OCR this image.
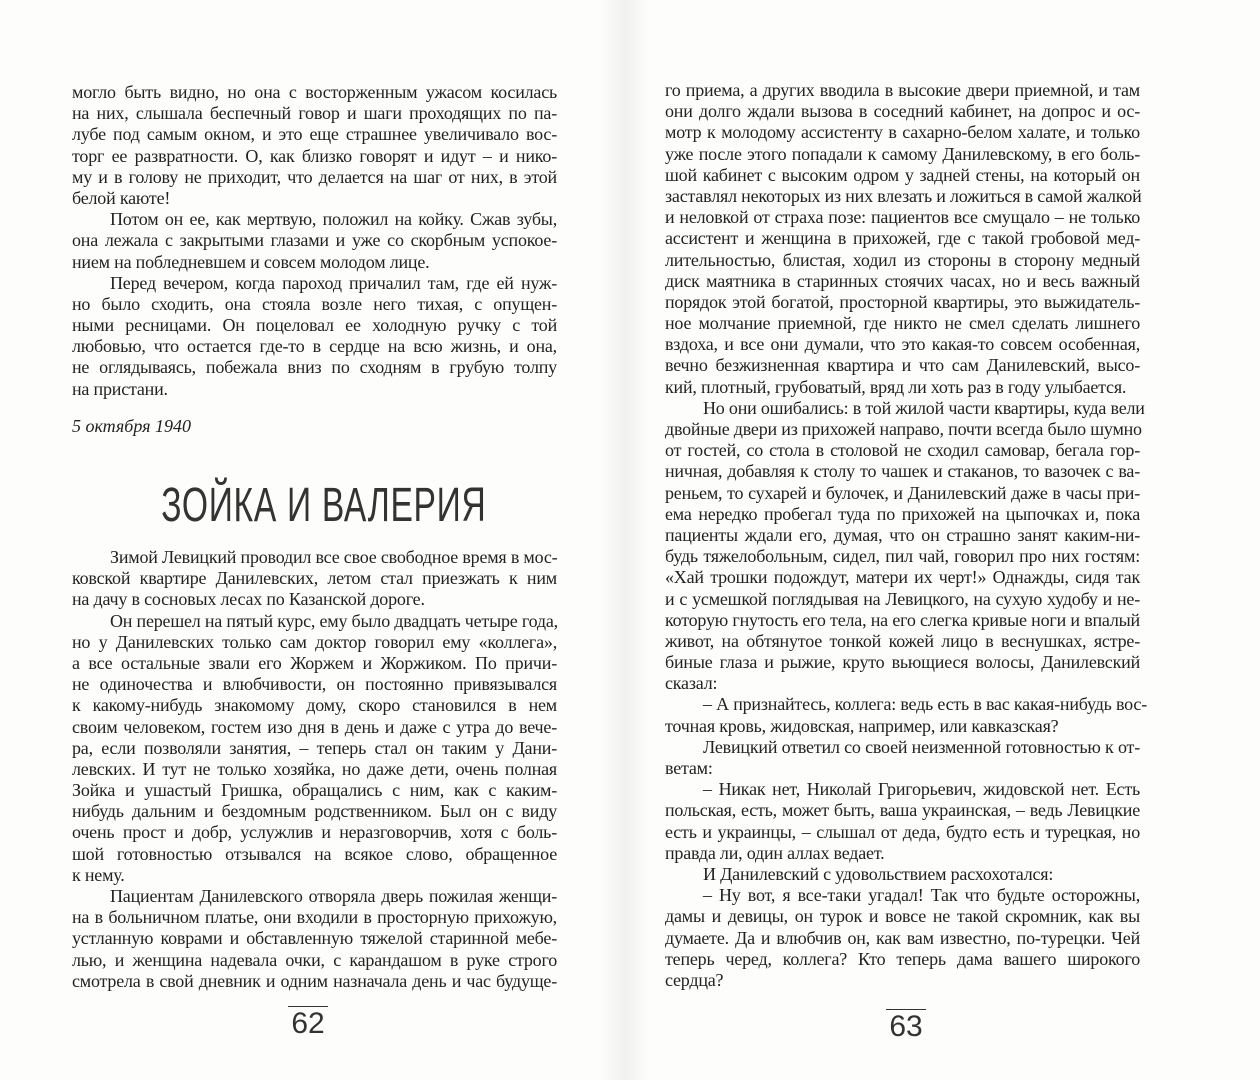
могло быть видно, но она с восторженным ужасом косилась
на них, слышала беспечный говор и шаги проходящих по па-
лубе под самым окном, и это еще страшнее увеличивало вос-
торг ее развратности. О, как близко говорят и идут – и нико-
му и в голову не приходит, что делается на шаг от них, в этой
белой каюте!
Потом он ее, как мертвую, положил на койку. Сжав зубы,
она лежала с закрытыми глазами и уже со скорбным успокое-
нием на побледневшем и совсем молодом лице.
Перед вечером, когда пароход причалил там, где ей нуж-
но было сходить, она стояла возле него тихая, с опущен-
ными ресницами. Он поцеловал ее холодную ручку с той
любовью, что остается где-то в сердце на всю жизнь, и она,
не оглядываясь, побежала вниз по сходням в грубую толпу
на пристани.
5 октября 1940
ЗОЙКА И ВАЛЕРИЯ
Зимой Левицкий проводил все свое свободное время в мос-
ковской квартире Данилевских, летом стал приезжать к ним
на дачу в сосновых лесах по Казанской дороге.
Он перешел на пятый курс, ему было двадцать четыре года,
но у Данилевских только сам доктор говорил ему «коллега»,
а все остальные звали его Жоржем и Жоржиком. По причи-
не одиночества и влюбчивости, он постоянно привязывался
к какому-нибудь знакомому дому, скоро становился в нем
своим человеком, гостем изо дня в день и даже с утра до вече-
ра, если позволяли занятия, – теперь стал он таким у Дани-
левских. И тут не только хозяйка, но даже дети, очень полная
Зойка и ушастый Гришка, обращались с ним, как с каким-
нибудь дальним и бездомным родственником. Был он с виду
очень прост и добр, услужлив и неразговорчив, хотя с боль-
шой готовностью отзывался на всякое слово, обращенное
к нему.
Пациентам Данилевского отворяла дверь пожилая женщи-
на в больничном платье, они входили в просторную прихожую,
устланную коврами и обставленную тяжелой старинной мебе-
лью, и женщина надевала очки, с карандашом в руке строго
смотрела в свой дневник и одним назначала день и час будуще-
62
го приема, а других вводила в высокие двери приемной, и там
они долго ждали вызова в соседний кабинет, на допрос и ос-
мотр к молодому ассистенту в сахарно-белом халате, и только
уже после этого попадали к самому Данилевскому, в его боль-
шой кабинет с высоким одром у задней стены, на который он
заставлял некоторых из них влезать и ложиться в самой жалкой
и неловкой от страха позе: пациентов все смущало – не только
ассистент и женщина в прихожей, где с такой гробовой мед-
лительностью, блистая, ходил из стороны в сторону медный
диск маятника в старинных стоячих часах, но и весь важный
порядок этой богатой, просторной квартиры, это выжидатель-
ное молчание приемной, где никто не смел сделать лишнего
вздоха, и все они думали, что это какая-то совсем особенная,
вечно безжизненная квартира и что сам Данилевский, высо-
кий, плотный, грубоватый, вряд ли хоть раз в году улыбается.
Но они ошибались: в той жилой части квартиры, куда вели
двойные двери из прихожей направо, почти всегда было шумно
от гостей, со стола в столовой не сходил самовар, бегала гор-
ничная, добавляя к столу то чашек и стаканов, то вазочек с ва-
реньем, то сухарей и булочек, и Данилевский даже в часы при-
ема нередко пробегал туда по прихожей на цыпочках и, пока
пациенты ждали его, думая, что он страшно занят каким-ни-
будь тяжелобольным, сидел, пил чай, говорил про них гостям:
«Хай трошки подождут, матери их черт!» Однажды, сидя так
и с усмешкой поглядывая на Левицкого, на сухую худобу и не-
которую гнутость его тела, на его слегка кривые ноги и впалый
живот, на обтянутое тонкой кожей лицо в веснушках, ястре-
биные глаза и рыжие, круто вьющиеся волосы, Данилевский
сказал:
– А признайтесь, коллега: ведь есть в вас какая-нибудь вос-
точная кровь, жидовская, например, или кавказская?
Левицкий ответил со своей неизменной готовностью к от-
ветам:
– Никак нет, Николай Григорьевич, жидовской нет. Есть
польская, есть, может быть, ваша украинская, – ведь Левицкие
есть и украинцы, – слышал от деда, будто есть и турецкая, но
правда ли, один аллах ведает.
И Данилевский с удовольствием расхохотался:
– Ну вот, я все-таки угадал! Так что будьте осторожны,
дамы и девицы, он турок и вовсе не такой скромник, как вы
думаете. Да и влюбчив он, как вам известно, по-турецки. Чей
теперь черед, коллега? Кто теперь дама вашего широкого
сердца?
63
